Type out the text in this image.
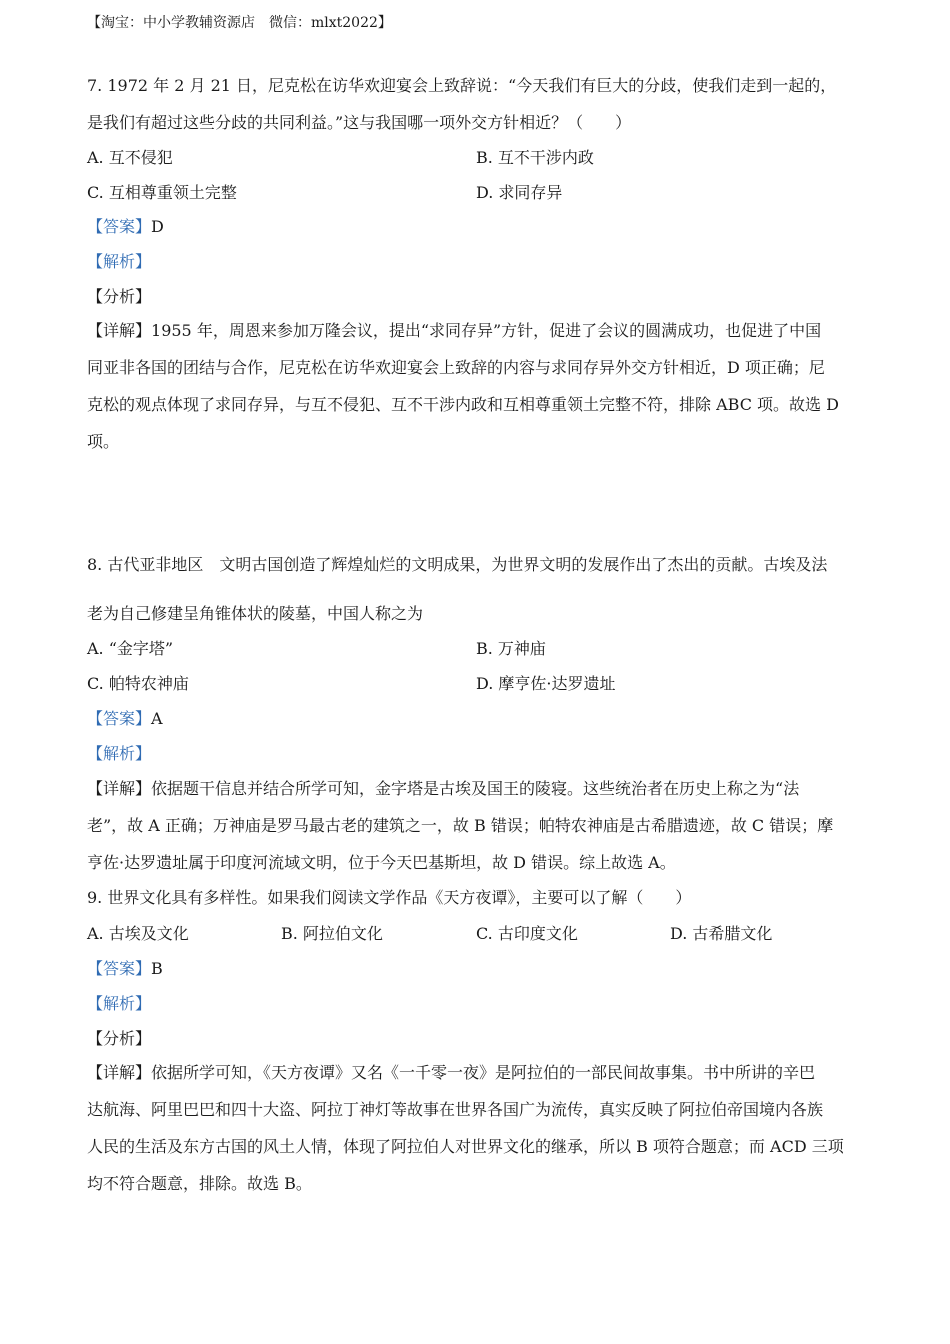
【淘宝：中小学教辅资源店　微信：mlxt2022】
7. 1972 年 2 月 21 日，尼克松在访华欢迎宴会上致辞说：“今天我们有巨大的分歧，使我们走到一起的，
是我们有超过这些分歧的共同利益。”这与我国哪一项外交方针相近？（　　）
A. 互不侵犯	B. 互不干涉内政
C. 互相尊重领土完整	D. 求同存异
【答案】D
【解析】
【分析】
【详解】1955 年，周恩来参加万隆会议，提出“求同存异”方针，促进了会议的圆满成功，也促进了中国
同亚非各国的团结与合作，尼克松在访华欢迎宴会上致辞的内容与求同存异外交方针相近，D 项正确；尼
克松的观点体现了求同存异，与互不侵犯、互不干涉内政和互相尊重领土完整不符，排除 ABC 项。故选 D
项。
8. 古代亚非地区　文明古国创造了辉煌灿烂的文明成果，为世界文明的发展作出了杰出的贡献。古埃及法
老为自己修建呈角锥体状的陵墓，中国人称之为
A. “金字塔”	B. 万神庙
C. 帕特农神庙	D. 摩亨佐·达罗遗址
【答案】A
【解析】
【详解】依据题干信息并结合所学可知，金字塔是古埃及国王的陵寝。这些统治者在历史上称之为“法
老”，故 A 正确；万神庙是罗马最古老的建筑之一，故 B 错误；帕特农神庙是古希腊遗迹，故 C 错误；摩
亨佐·达罗遗址属于印度河流域文明，位于今天巴基斯坦，故 D 错误。综上故选 A。
9. 世界文化具有多样性。如果我们阅读文学作品《天方夜谭》，主要可以了解（　　）
A. 古埃及文化	B. 阿拉伯文化	C. 古印度文化	D. 古希腊文化
【答案】B
【解析】
【分析】
【详解】依据所学可知，《天方夜谭》又名《一千零一夜》是阿拉伯的一部民间故事集。书中所讲的辛巴
达航海、阿里巴巴和四十大盗、阿拉丁神灯等故事在世界各国广为流传，真实反映了阿拉伯帝国境内各族
人民的生活及东方古国的风土人情，体现了阿拉伯人对世界文化的继承，所以 B 项符合题意；而 ACD 三项
均不符合题意，排除。故选 B。
